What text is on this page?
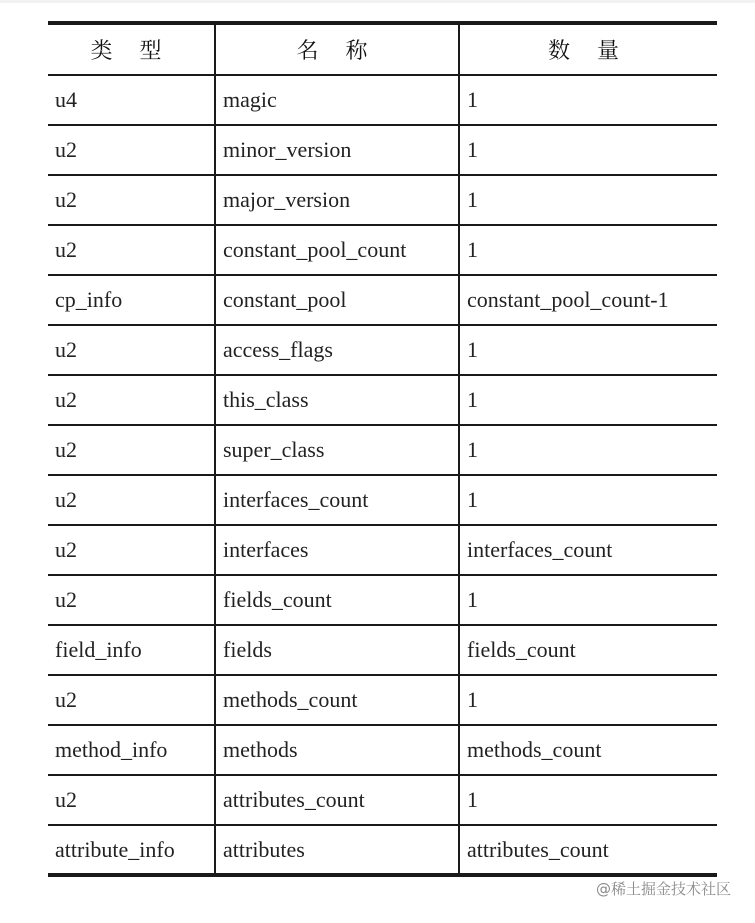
类 型	名 称	数 量
u4	magic	1
u2	minor_version	1
u2	major_version	1
u2	constant_pool_count	1
cp_info	constant_pool	constant_pool_count-1
u2	access_flags	1
u2	this_class	1
u2	super_class	1
u2	interfaces_count	1
u2	interfaces	interfaces_count
u2	fields_count	1
field_info	fields	fields_count
u2	methods_count	1
method_info	methods	methods_count
u2	attributes_count	1
attribute_info	attributes	attributes_count
@稀土掘金技术社区
